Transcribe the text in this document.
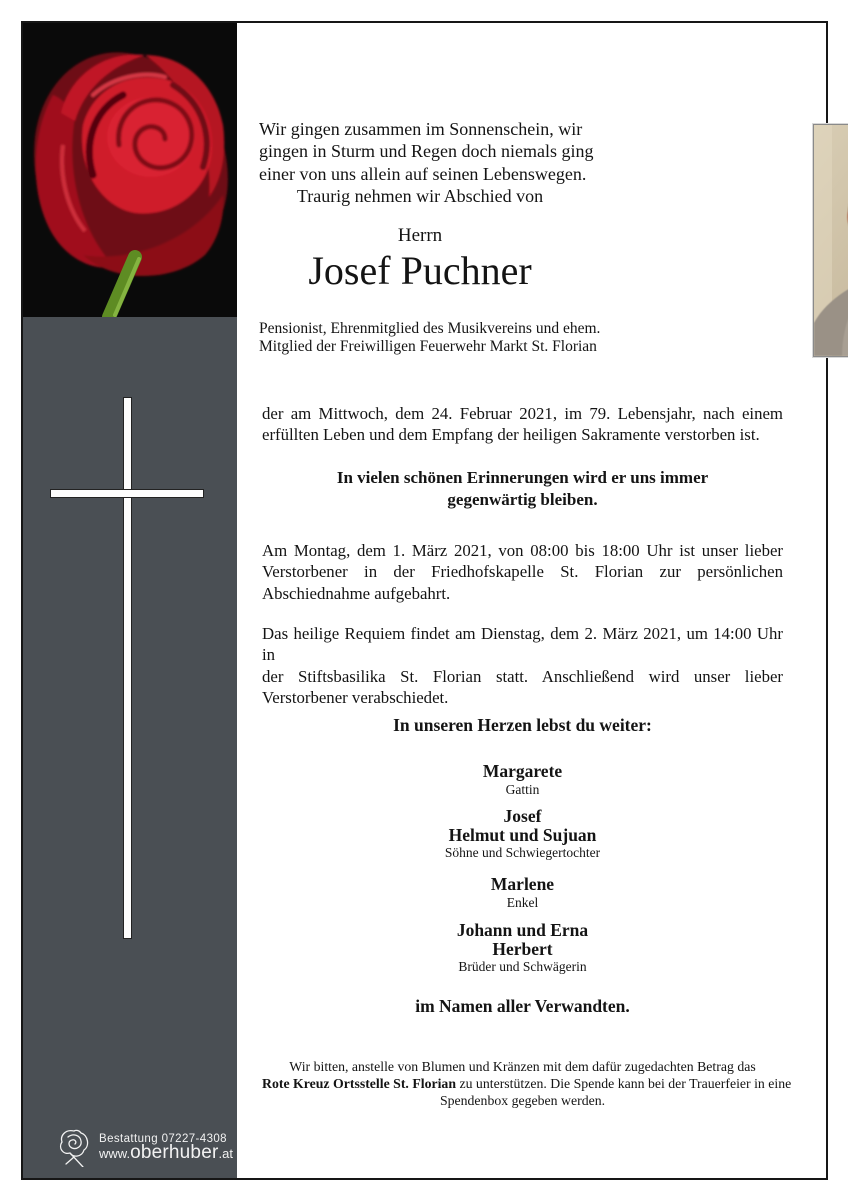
Bestattung 07227-4308
www.oberhuber.at
Wir gingen zusammen im Sonnenschein, wir
gingen in Sturm und Regen doch niemals ging
einer von uns allein auf seinen Lebenswegen.
Traurig nehmen wir Abschied von
Herrn
Josef Puchner
Pensionist, Ehrenmitglied des Musikvereins und ehem.
Mitglied der Freiwilligen Feuerwehr Markt St. Florian
der am Mittwoch, dem 24. Februar 2021, im 79. Lebensjahr, nach einem
erfüllten Leben und dem Empfang der heiligen Sakramente verstorben ist.
In vielen schönen Erinnerungen wird er uns immer
gegenwärtig bleiben.
Am Montag, dem 1. März 2021, von 08:00 bis 18:00 Uhr ist unser lieber
Verstorbener in der Friedhofskapelle St. Florian zur persönlichen
Abschiednahme aufgebahrt.
Das heilige Requiem findet am Dienstag, dem 2. März 2021, um 14:00 Uhr in
der Stiftsbasilika St. Florian statt. Anschließend wird unser lieber
Verstorbener verabschiedet.
In unseren Herzen lebst du weiter:
Margarete
Gattin
Josef
Helmut und Sujuan
Söhne und Schwiegertochter
Marlene
Enkel
Johann und Erna
Herbert
Brüder und Schwägerin
im Namen aller Verwandten.
Wir bitten, anstelle von Blumen und Kränzen mit dem dafür zugedachten Betrag das
Rote Kreuz Ortsstelle St. Florian zu unterstützen. Die Spende kann bei der Trauerfeier in eine
Spendenbox gegeben werden.
